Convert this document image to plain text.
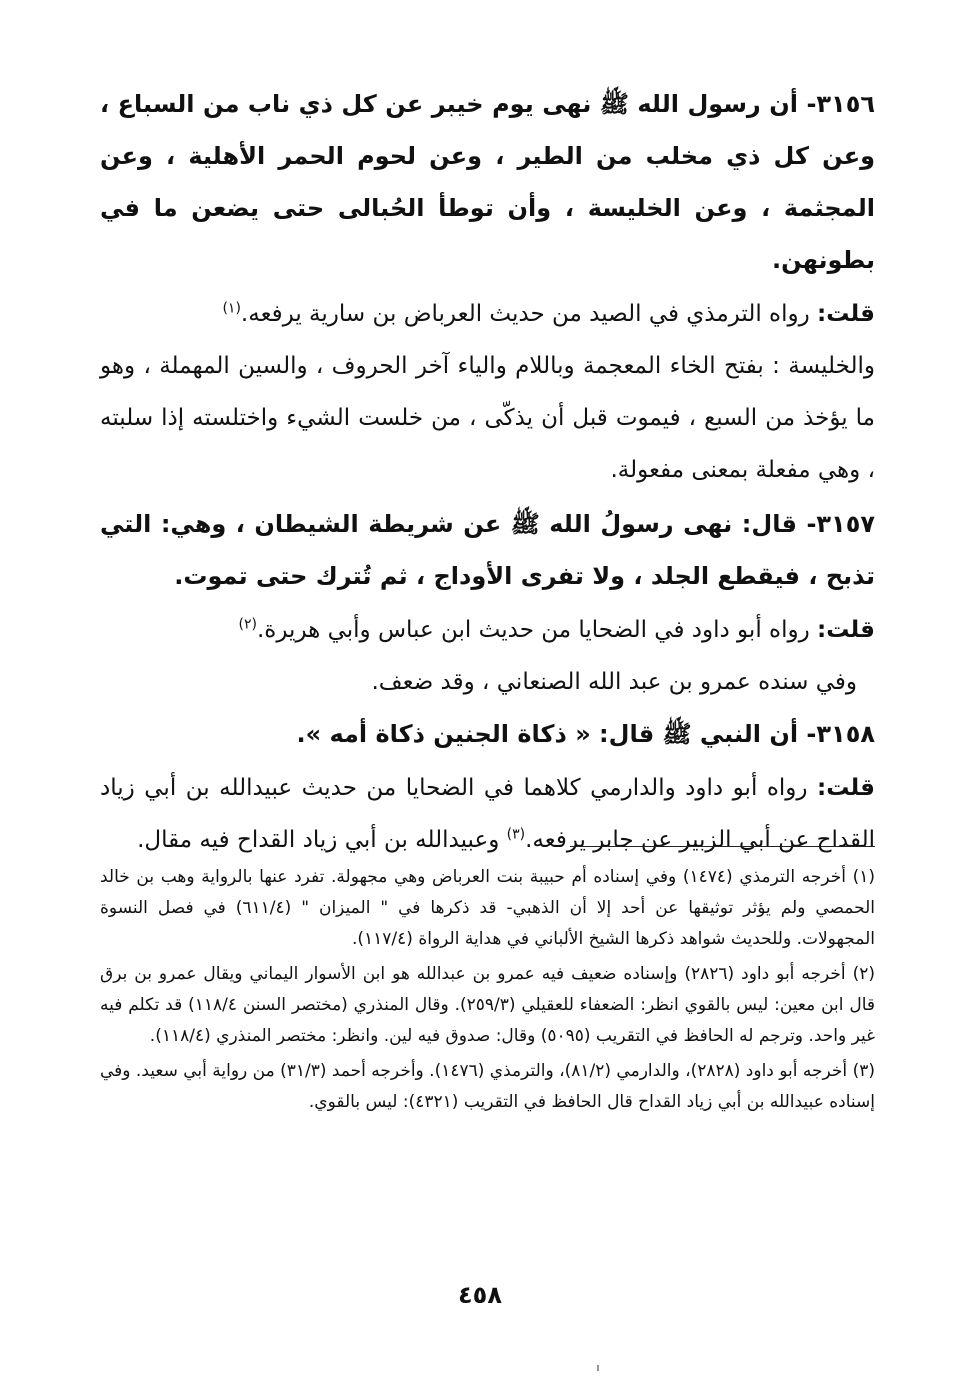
٣١٥٦- أن رسول الله ﷺ نهى يوم خيبر عن كل ذي ناب من السباع ، وعن كل ذي مخلب من الطير ، وعن لحوم الحمر الأهلية ، وعن المجثمة ، وعن الخليسة ، وأن توطأ الحُبالى حتى يضعن ما في بطونهن.

قلت: رواه الترمذي في الصيد من حديث العرباض بن سارية يرفعه.$^{(١)}$

والخليسة : بفتح الخاء المعجمة وباللام والياء آخر الحروف ، والسين المهملة ، وهو ما يؤخذ من السبع ، فيموت قبل أن يذكّى ، من خلست الشيء واختلسته إذا سلبته ، وهي مفعلة بمعنى مفعولة.

٣١٥٧- قال: نهى رسولُ الله ﷺ عن شريطة الشيطان ، وهي: التي تذبح ، فيقطع الجلد ، ولا تفرى الأوداج ، ثم تُترك حتى تموت.

قلت: رواه أبو داود في الضحايا من حديث ابن عباس وأبي هريرة.$^{(٢)}$

وفي سنده عمرو بن عبد الله الصنعاني ، وقد ضعف.

٣١٥٨- أن النبي ﷺ قال: « ذكاة الجنين ذكاة أمه ».

قلت: رواه أبو داود والدارمي كلاهما في الضحايا من حديث عبيدالله بن أبي زياد القداح عن أبي الزبير عن جابر يرفعه.$^{(٣)}$ وعبيدالله بن أبي زياد القداح فيه مقال.

(١) أخرجه الترمذي (١٤٧٤) وفي إسناده أم حبيبة بنت العرباض وهي مجهولة. تفرد عنها بالرواية وهب بن خالد الحمصي ولم يؤثر توثيقها عن أحد إلا أن الذهبي- قد ذكرها في " الميزان " (٦١١/٤) في فصل النسوة المجهولات. وللحديث شواهد ذكرها الشيخ الألباني في هداية الرواة (١١٧/٤).

(٢) أخرجه أبو داود (٢٨٢٦) وإسناده ضعيف فيه عمرو بن عبدالله هو ابن الأسوار اليماني ويقال عمرو بن برق قال ابن معين: ليس بالقوي انظر: الضعفاء للعقيلي (٢٥٩/٣). وقال المنذري (مختصر السنن ١١٨/٤) قد تكلم فيه غير واحد. وترجم له الحافظ في التقريب (٥٠٩٥) وقال: صدوق فيه لين. وانظر: مختصر المنذري (١١٨/٤).

(٣) أخرجه أبو داود (٢٨٢٨)، والدارمي (٨١/٢)، والترمذي (١٤٧٦). وأخرجه أحمد (٣١/٣) من رواية أبي سعيد. وفي إسناده عبيدالله بن أبي زياد القداح قال الحافظ في التقريب (٤٣٢١): ليس بالقوي.

٤٥٨
